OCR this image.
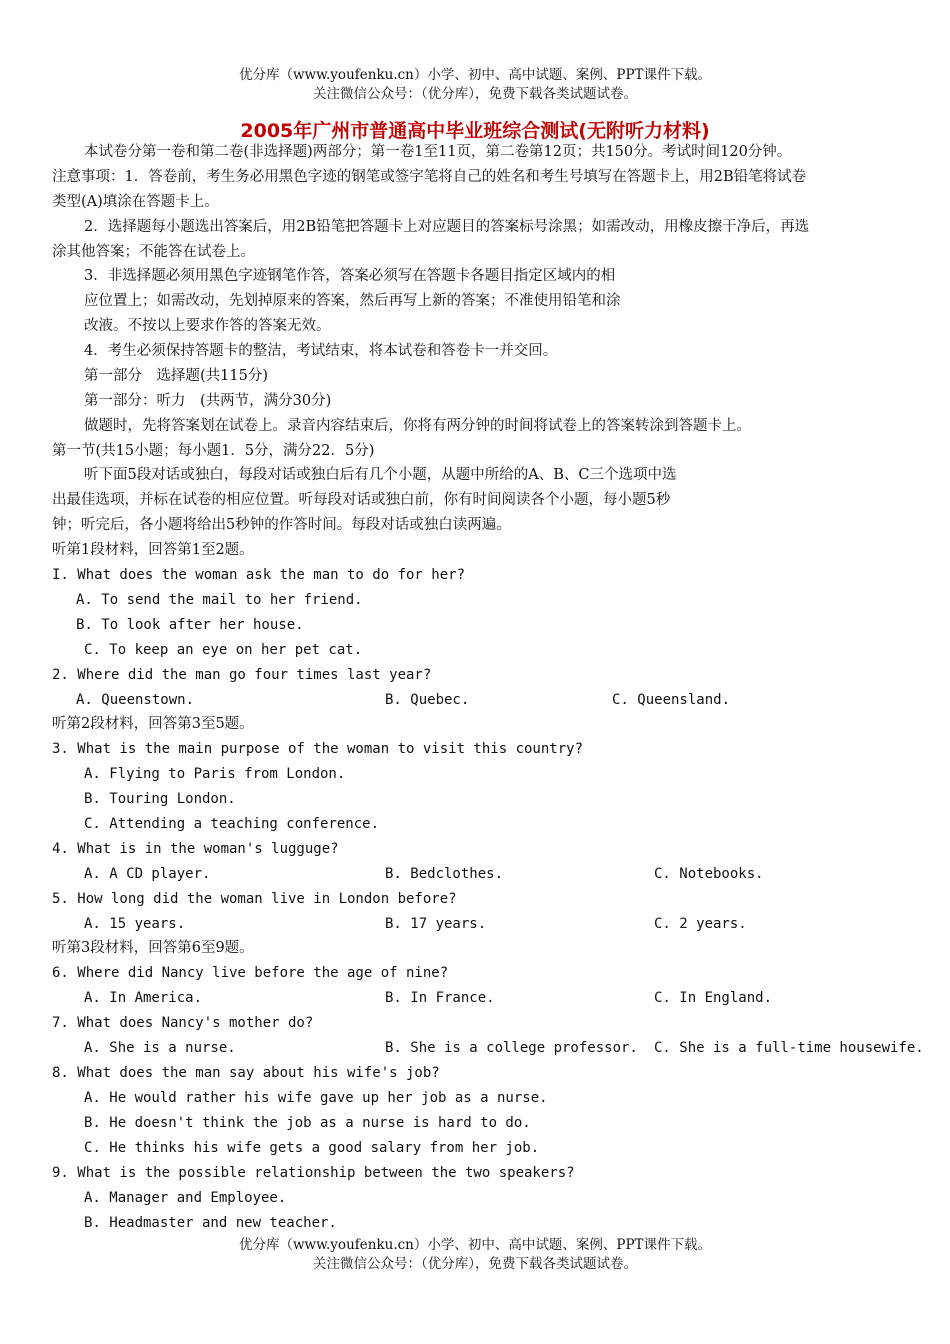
优分库（www.youfenku.cn）小学、初中、高中试题、案例、PPT课件下载。
关注微信公众号：（优分库），免费下载各类试题试卷。
2005年广州市普通高中毕业班综合测试(无附听力材料)
本试卷分第一卷和第二卷(非选择题)两部分；第一卷1至11页，第二卷第12页；共150分。考试时间120分钟。
注意事项：1．答卷前，考生务必用黑色字迹的钢笔或签字笔将自己的姓名和考生号填写在答题卡上，用2B铅笔将试卷
类型(A)填涂在答题卡上。
2．选择题每小题选出答案后，用2B铅笔把答题卡上对应题目的答案标号涂黑；如需改动，用橡皮擦干净后，再选
涂其他答案；不能答在试卷上。
3．非选择题必须用黑色字迹钢笔作答，答案必须写在答题卡各题目指定区域内的相
应位置上；如需改动，先划掉原来的答案，然后再写上新的答案；不准使用铅笔和涂
改液。不按以上要求作答的答案无效。
4．考生必须保持答题卡的整洁，考试结束，将本试卷和答卷卡一并交回。
第一部分　选择题(共115分)
第一部分：听力　(共两节，满分30分)
做题时，先将答案划在试卷上。录音内容结束后，你将有两分钟的时间将试卷上的答案转涂到答题卡上。
第一节(共15小题；每小题1．5分，满分22．5分)
听下面5段对话或独白，每段对话或独白后有几个小题，从题中所给的A、B、C三个选项中选
出最佳选项，并标在试卷的相应位置。听每段对话或独白前，你有时间阅读各个小题，每小题5秒
钟；听完后，各小题将给出5秒钟的作答时间。每段对话或独白读两遍。
听第1段材料，回答第1至2题。
I. What does the woman ask the man to do for her?
A. To send the mail to her friend.
B. To look after her house.
C. To keep an eye on her pet cat.
2. Where did the man go four times last year?
A. Queenstown.	B. Quebec.	C. Queensland.
听第2段材料，回答第3至5题。
3. What is the main purpose of the woman to visit this country?
A. Flying to Paris from London.
B. Touring London.
C. Attending a teaching conference.
4. What is in the woman's lugguge?
A. A CD player.	B. Bedclothes.	C. Notebooks.
5. How long did the woman live in London before?
A. 15 years.	B. 17 years.	C. 2 years.
听第3段材料，回答第6至9题。
6. Where did Nancy live before the age of nine?
A. In America.	B. In France.	C. In England.
7. What does Nancy's mother do?
A. She is a nurse.	B. She is a college professor. C. She is a full-time housewife.
8. What does the man say about his wife's job?
A. He would rather his wife gave up her job as a nurse.
B. He doesn't think the job as a nurse is hard to do.
C. He thinks his wife gets a good salary from her job.
9. What is the possible relationship between the two speakers?
A. Manager and Employee.
B. Headmaster and new teacher.
优分库（www.youfenku.cn）小学、初中、高中试题、案例、PPT课件下载。
关注微信公众号：（优分库），免费下载各类试题试卷。
